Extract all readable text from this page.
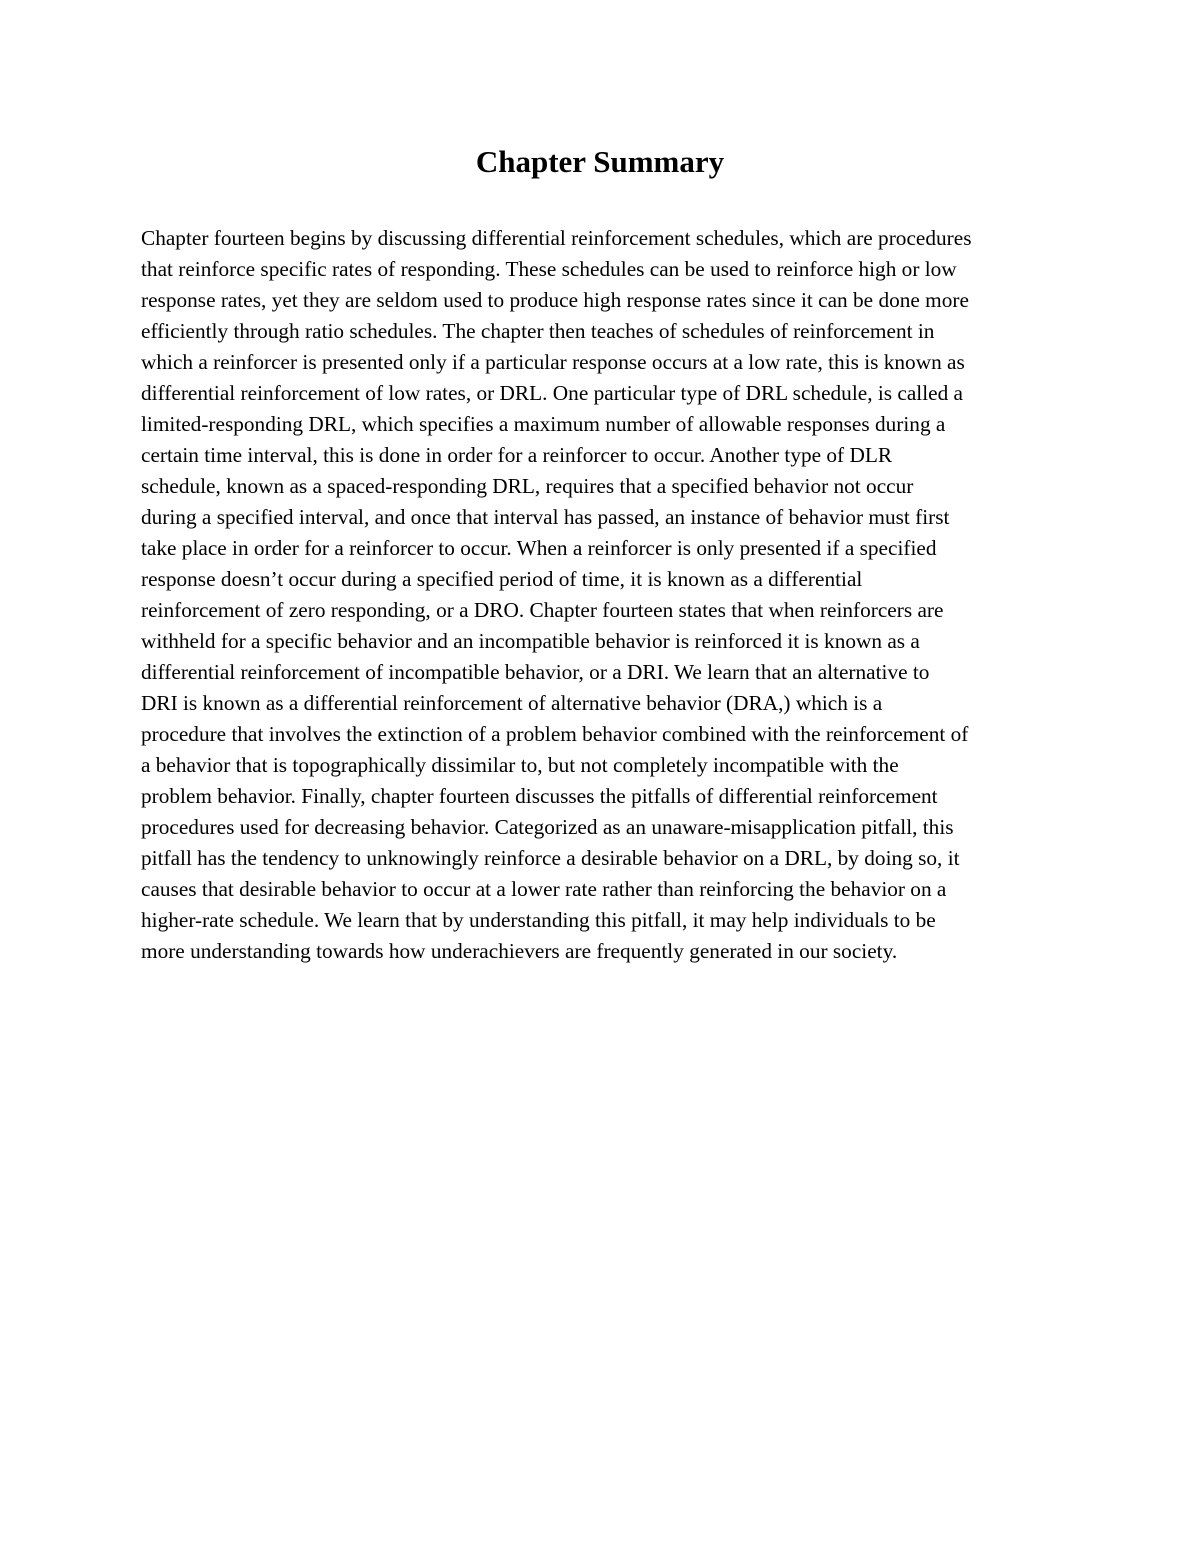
Chapter Summary
Chapter fourteen begins by discussing differential reinforcement schedules, which are procedures
that reinforce specific rates of responding. These schedules can be used to reinforce high or low
response rates, yet they are seldom used to produce high response rates since it can be done more
efficiently through ratio schedules. The chapter then teaches of schedules of reinforcement in
which a reinforcer is presented only if a particular response occurs at a low rate, this is known as
differential reinforcement of low rates, or DRL. One particular type of DRL schedule, is called a
limited-responding DRL, which specifies a maximum number of allowable responses during a
certain time interval, this is done in order for a reinforcer to occur. Another type of DLR
schedule, known as a spaced-responding DRL, requires that a specified behavior not occur
during a specified interval, and once that interval has passed, an instance of behavior must first
take place in order for a reinforcer to occur. When a reinforcer is only presented if a specified
response doesn’t occur during a specified period of time, it is known as a differential
reinforcement of zero responding, or a DRO. Chapter fourteen states that when reinforcers are
withheld for a specific behavior and an incompatible behavior is reinforced it is known as a
differential reinforcement of incompatible behavior, or a DRI. We learn that an alternative to
DRI is known as a differential reinforcement of alternative behavior (DRA,) which is a
procedure that involves the extinction of a problem behavior combined with the reinforcement of
a behavior that is topographically dissimilar to, but not completely incompatible with the
problem behavior. Finally, chapter fourteen discusses the pitfalls of differential reinforcement
procedures used for decreasing behavior. Categorized as an unaware-misapplication pitfall, this
pitfall has the tendency to unknowingly reinforce a desirable behavior on a DRL, by doing so, it
causes that desirable behavior to occur at a lower rate rather than reinforcing the behavior on a
higher-rate schedule. We learn that by understanding this pitfall, it may help individuals to be
more understanding towards how underachievers are frequently generated in our society.
